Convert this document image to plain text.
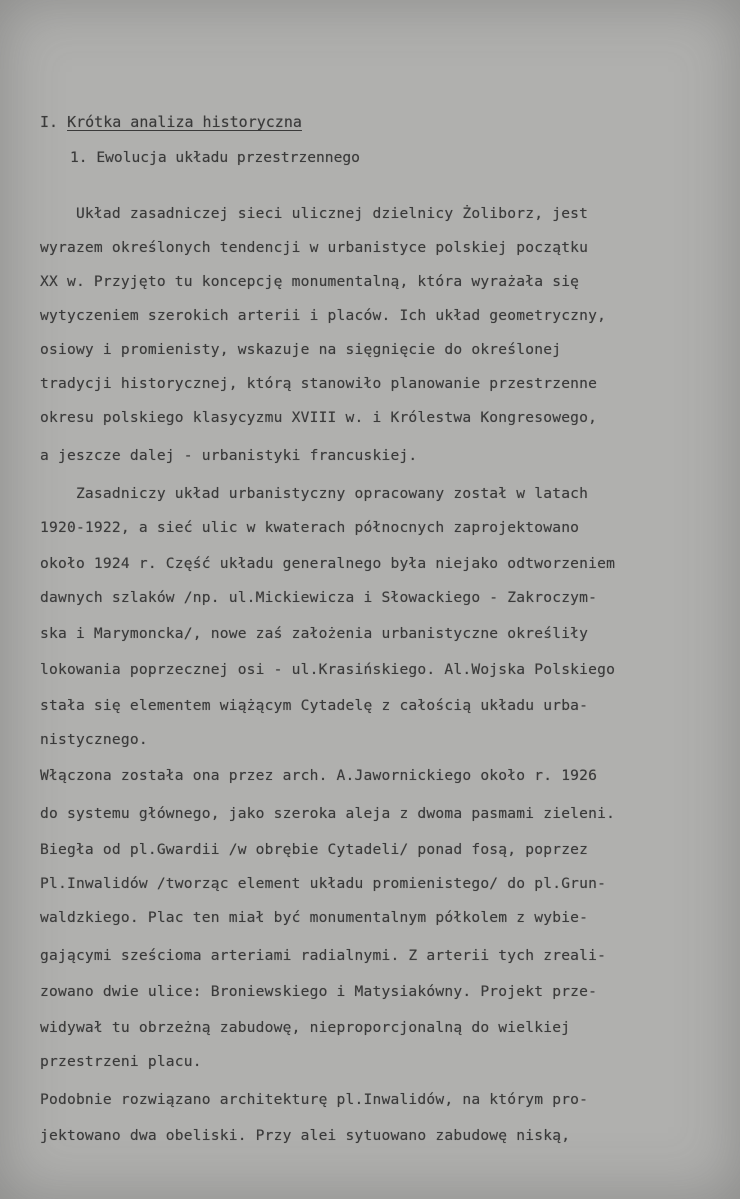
I. Krótka analiza historyczna
1. Ewolucja układu przestrzennego
Układ zasadniczej sieci ulicznej dzielnicy Żoliborz, jest
wyrazem określonych tendencji w urbanistyce polskiej początku
XX w. Przyjęto tu koncepcję monumentalną, która wyrażała się
wytyczeniem szerokich arterii i placów. Ich układ geometryczny,
osiowy i promienisty, wskazuje na sięgnięcie do określonej
tradycji historycznej, którą stanowiło planowanie przestrzenne
okresu polskiego klasycyzmu XVIII w. i Królestwa Kongresowego,
a jeszcze dalej - urbanistyki francuskiej.
Zasadniczy układ urbanistyczny opracowany został w latach
1920-1922, a sieć ulic w kwaterach północnych zaprojektowano
około 1924 r. Część układu generalnego była niejako odtworzeniem
dawnych szlaków /np. ul.Mickiewicza i Słowackiego - Zakroczym-
ska i Marymoncka/, nowe zaś założenia urbanistyczne określiły
lokowania poprzecznej osi - ul.Krasińskiego. Al.Wojska Polskiego
stała się elementem wiążącym Cytadelę z całością układu urba-
nistycznego.
Włączona została ona przez arch. A.Jawornickiego około r. 1926
do systemu głównego, jako szeroka aleja z dwoma pasmami zieleni.
Biegła od pl.Gwardii /w obrębie Cytadeli/ ponad fosą, poprzez
Pl.Inwalidów /tworząc element układu promienistego/ do pl.Grun-
waldzkiego. Plac ten miał być monumentalnym półkolem z wybie-
gającymi sześcioma arteriami radialnymi. Z arterii tych zreali-
zowano dwie ulice: Broniewskiego i Matysiakówny. Projekt prze-
widywał tu obrzeżną zabudowę, nieproporcjonalną do wielkiej
przestrzeni placu.
Podobnie rozwiązano architekturę pl.Inwalidów, na którym pro-
jektowano dwa obeliski. Przy alei sytuowano zabudowę niską,
